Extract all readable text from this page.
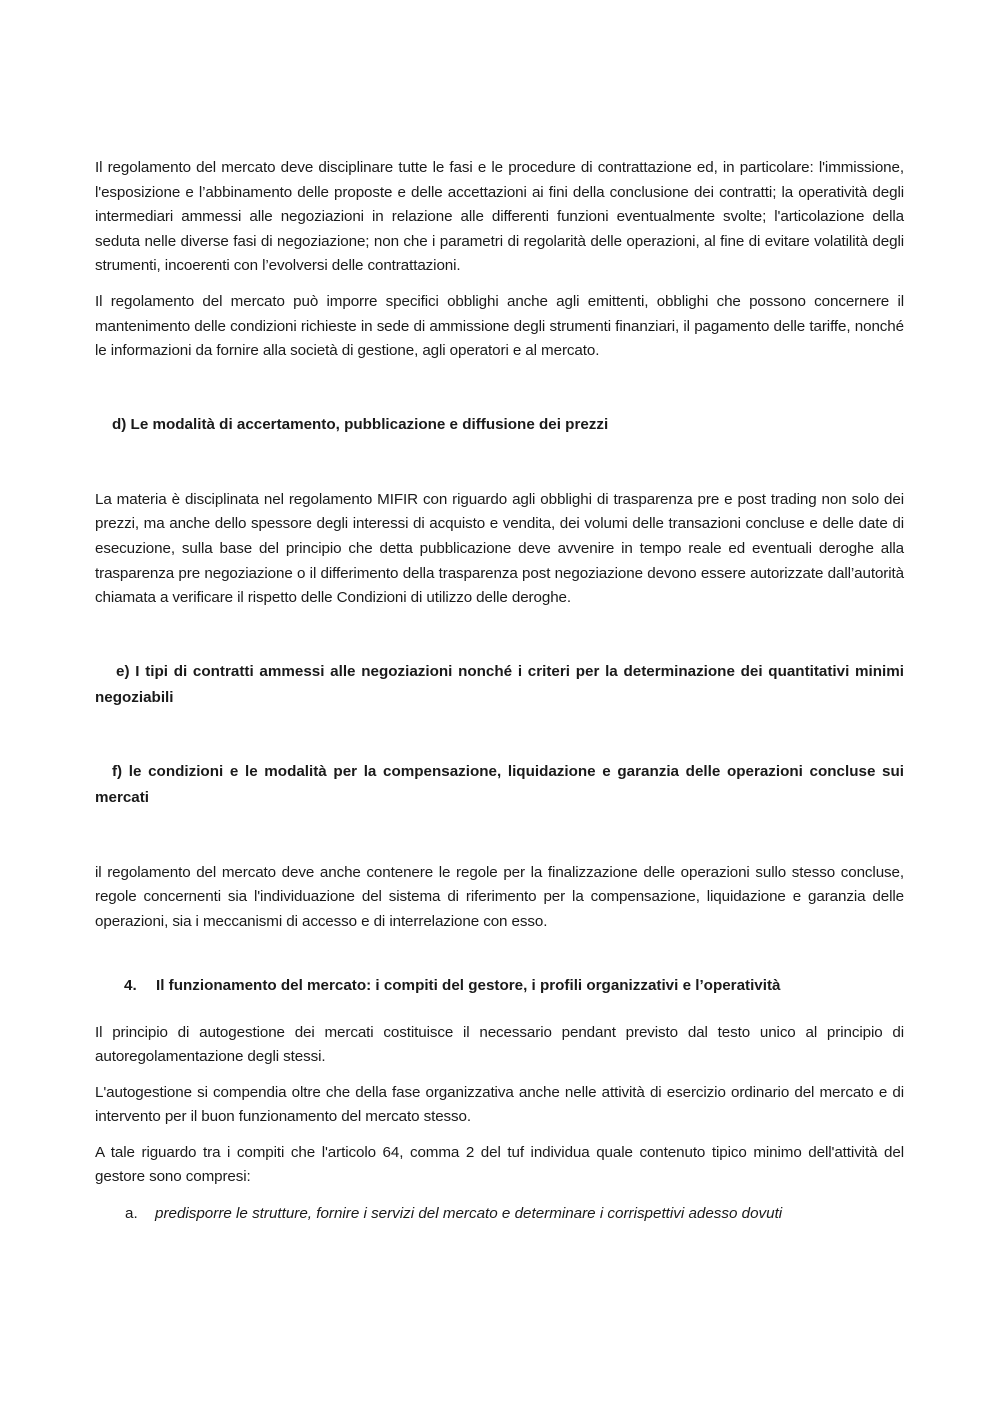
Il regolamento del mercato deve disciplinare tutte le fasi e le procedure di contrattazione ed, in particolare: l'immissione, l'esposizione e l’abbinamento delle proposte e delle accettazioni ai fini della conclusione dei contratti; la operatività degli intermediari ammessi alle negoziazioni in relazione alle differenti funzioni eventualmente svolte; l'articolazione della seduta nelle diverse fasi di negoziazione; non che i parametri di regolarità delle operazioni, al fine di evitare volatilità degli strumenti, incoerenti con l’evolversi delle contrattazioni.

Il regolamento del mercato può imporre specifici obblighi anche agli emittenti, obblighi che possono concernere il mantenimento delle condizioni richieste in sede di ammissione degli strumenti finanziari, il pagamento delle tariffe, nonché le informazioni da fornire alla società di gestione, agli operatori e al mercato.

d) Le modalità di accertamento, pubblicazione e diffusione dei prezzi

La materia è disciplinata nel regolamento MIFIR con riguardo agli obblighi di trasparenza pre e post trading non solo dei prezzi, ma anche dello spessore degli interessi di acquisto e vendita, dei volumi delle transazioni concluse e delle date di esecuzione, sulla base del principio che detta pubblicazione deve avvenire in tempo reale ed eventuali deroghe alla trasparenza pre negoziazione o il differimento della trasparenza post negoziazione devono essere autorizzate dall’autorità chiamata a verificare il rispetto delle Condizioni di utilizzo delle deroghe.

e) I tipi di contratti ammessi alle negoziazioni nonché i criteri per la determinazione dei quantitativi minimi negoziabili
f) le condizioni e le modalità per la compensazione, liquidazione e garanzia delle operazioni concluse sui mercati

il regolamento del mercato deve anche contenere le regole per la finalizzazione delle operazioni sullo stesso concluse, regole concernenti sia l'individuazione del sistema di riferimento per la compensazione, liquidazione e garanzia delle operazioni, sia i meccanismi di accesso e di interrelazione con esso.

4.	Il funzionamento del mercato: i compiti del gestore, i profili organizzativi e l’operatività

Il principio di autogestione dei mercati costituisce il necessario pendant previsto dal testo unico al principio di autoregolamentazione degli stessi.

L'autogestione si compendia oltre che della fase organizzativa anche nelle attività di esercizio ordinario del mercato e di intervento per il buon funzionamento del mercato stesso.

A tale riguardo tra i compiti che l'articolo 64, comma 2 del tuf individua quale contenuto tipico minimo dell'attività del gestore sono compresi:

a.	predisporre le strutture, fornire i servizi del mercato e determinare i corrispettivi adesso dovuti
